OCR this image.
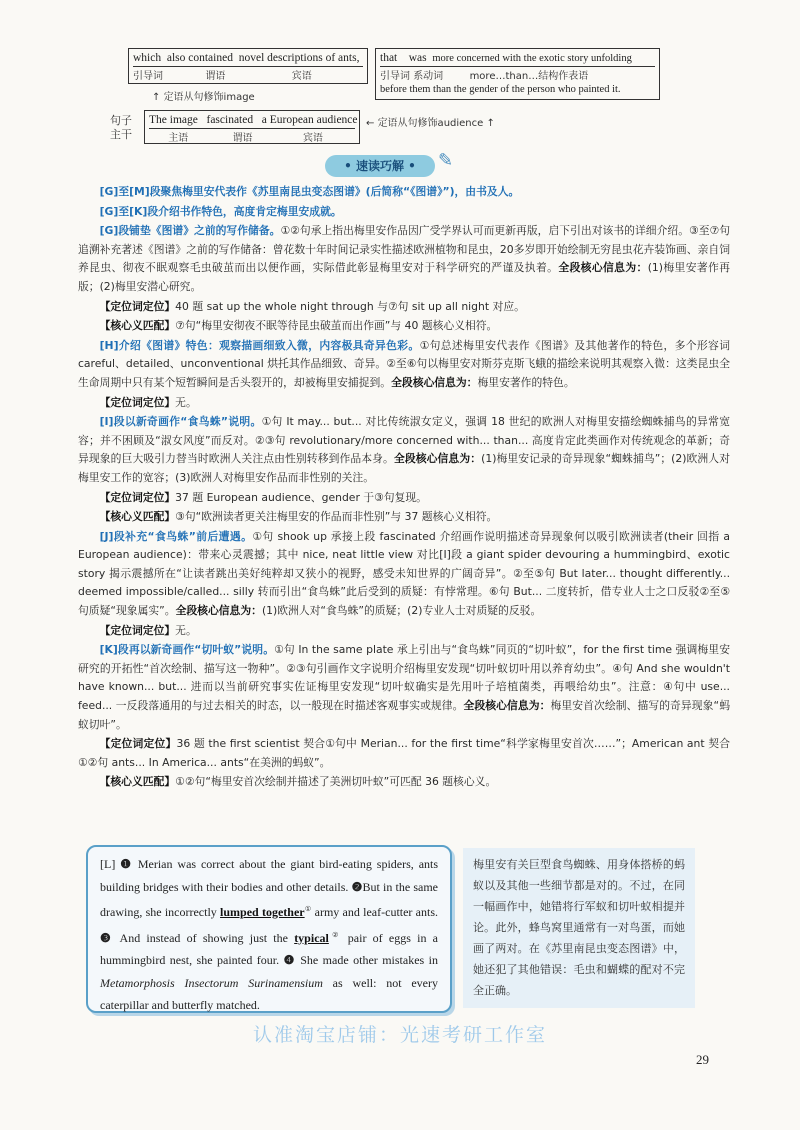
which also contained novel descriptions of ants,
引导词	谓语	宾语
↑ 定语从句修饰image
that was more concerned with the exotic story unfolding
引导词 系动词	more…than…结构作表语
before them than the gender of the person who painted it.
句子
主干
The image fascinated a European audience
主语	谓语	宾语
← 定语从句修饰audience ↑
• 速读巧解 •	✎

[G]至[M]段聚焦梅里安代表作《苏里南昆虫变态图谱》(后简称“《图谱》”)，由书及人。

[G]至[K]段介绍书作特色，高度肯定梅里安成就。

[G]段铺垫《图谱》之前的写作储备。①②句承上指出梅里安作品因广受学界认可而更新再版，启下引出对该书的详细介绍。③至⑦句追溯补充著述《图谱》之前的写作储备：曾花数十年时间记录实性描述欧洲植物和昆虫，20多岁即开始绘制无穷昆虫花卉装饰画、亲自饲养昆虫、彻夜不眠观察毛虫破茧而出以便作画，实际借此彰显梅里安对于科学研究的严谨及执着。全段核心信息为：(1)梅里安著作再版；(2)梅里安潜心研究。

【定位词定位】40 题 sat up the whole night through 与⑦句 sit up all night 对应。

【核心义匹配】⑦句“梅里安彻夜不眠等待昆虫破茧而出作画”与 40 题核心义相符。

[H]介绍《图谱》特色：观察描画细致入微，内容极具奇异色彩。①句总述梅里安代表作《图谱》及其他著作的特色，多个形容词 careful、detailed、unconventional 烘托其作品细致、奇异。②至⑥句以梅里安对斯芬克斯飞蛾的描绘来说明其观察入微：这类昆虫全生命周期中只有某个短暂瞬间是舌头裂开的，却被梅里安捕捉到。全段核心信息为：梅里安著作的特色。

【定位词定位】无。

[I]段以新奇画作“食鸟蛛”说明。①句 It may... but... 对比传统淑女定义，强调 18 世纪的欧洲人对梅里安描绘蜘蛛捕鸟的异常宽容；并不困顾及“淑女风度”而反对。②③句 revolutionary/more concerned with... than... 高度肯定此类画作对传统观念的革新；奇异现象的巨大吸引力替当时欧洲人关注点由性别转移到作品本身。全段核心信息为：(1)梅里安记录的奇异现象“蜘蛛捕鸟”；(2)欧洲人对梅里安工作的宽容；(3)欧洲人对梅里安作品而非性别的关注。

【定位词定位】37 题 European audience、gender 于③句复现。

【核心义匹配】③句“欧洲读者更关注梅里安的作品而非性别”与 37 题核心义相符。

[J]段补充“食鸟蛛”前后遭遇。①句 shook up 承接上段 fascinated 介绍画作说明描述奇异现象何以吸引欧洲读者(their 回指 a European audience)：带来心灵震撼；其中 nice, neat little view 对比[I]段 a giant spider devouring a hummingbird、exotic story 揭示震撼所在“让读者跳出美好纯粹却又狭小的视野，感受未知世界的广阔奇异”。②至⑤句 But later... thought differently... deemed impossible/called... silly 转而引出“食鸟蛛”此后受到的质疑：有悖常理。⑥句 But... 二度转折，借专业人士之口反驳②至⑤句质疑“现象属实”。全段核心信息为：(1)欧洲人对“食鸟蛛”的质疑；(2)专业人士对质疑的反驳。

【定位词定位】无。

[K]段再以新奇画作“切叶蚁”说明。①句 In the same plate 承上引出与“食鸟蛛”同页的“切叶蚁”，for the first time 强调梅里安研究的开拓性“首次绘制、描写这一物种”。②③句引画作文字说明介绍梅里安发现“切叶蚁切叶用以养育幼虫”。④句 And she wouldn't have known... but... 进而以当前研究事实佐证梅里安发现“切叶蚁确实是先用叶子培植菌类，再喂给幼虫”。注意：④句中 use... feed... 一反段落通用的与过去相关的时态，以一般现在时描述客观事实或规律。全段核心信息为：梅里安首次绘制、描写的奇异现象“蚂蚁切叶”。

【定位词定位】36 题 the first scientist 契合①句中 Merian... for the first time“科学家梅里安首次……”；American ant 契合①②句 ants... In America... ants“在美洲的蚂蚁”。

【核心义匹配】①②句“梅里安首次绘制并描述了美洲切叶蚁”可匹配 36 题核心义。

[L] ❶ Merian was correct about the giant bird-eating spiders, ants building bridges with their bodies and other details. ❷But in the same drawing, she incorrectly lumped together① army and leaf-cutter ants. ❸ And instead of showing just the typical② pair of eggs in a hummingbird nest, she painted four. ❹ She made other mistakes in Metamorphosis Insectorum Surinamensium as well: not every caterpillar and butterfly matched.
梅里安有关巨型食鸟蜘蛛、用身体搭桥的蚂蚁以及其他一些细节都是对的。不过，在同一幅画作中，她错将行军蚁和切叶蚁相提并论。此外，蜂鸟窝里通常有一对鸟蛋，而她画了两对。在《苏里南昆虫变态图谱》中，她还犯了其他错误：毛虫和蝴蝶的配对不完全正确。
认准淘宝店铺：光速考研工作室
29
